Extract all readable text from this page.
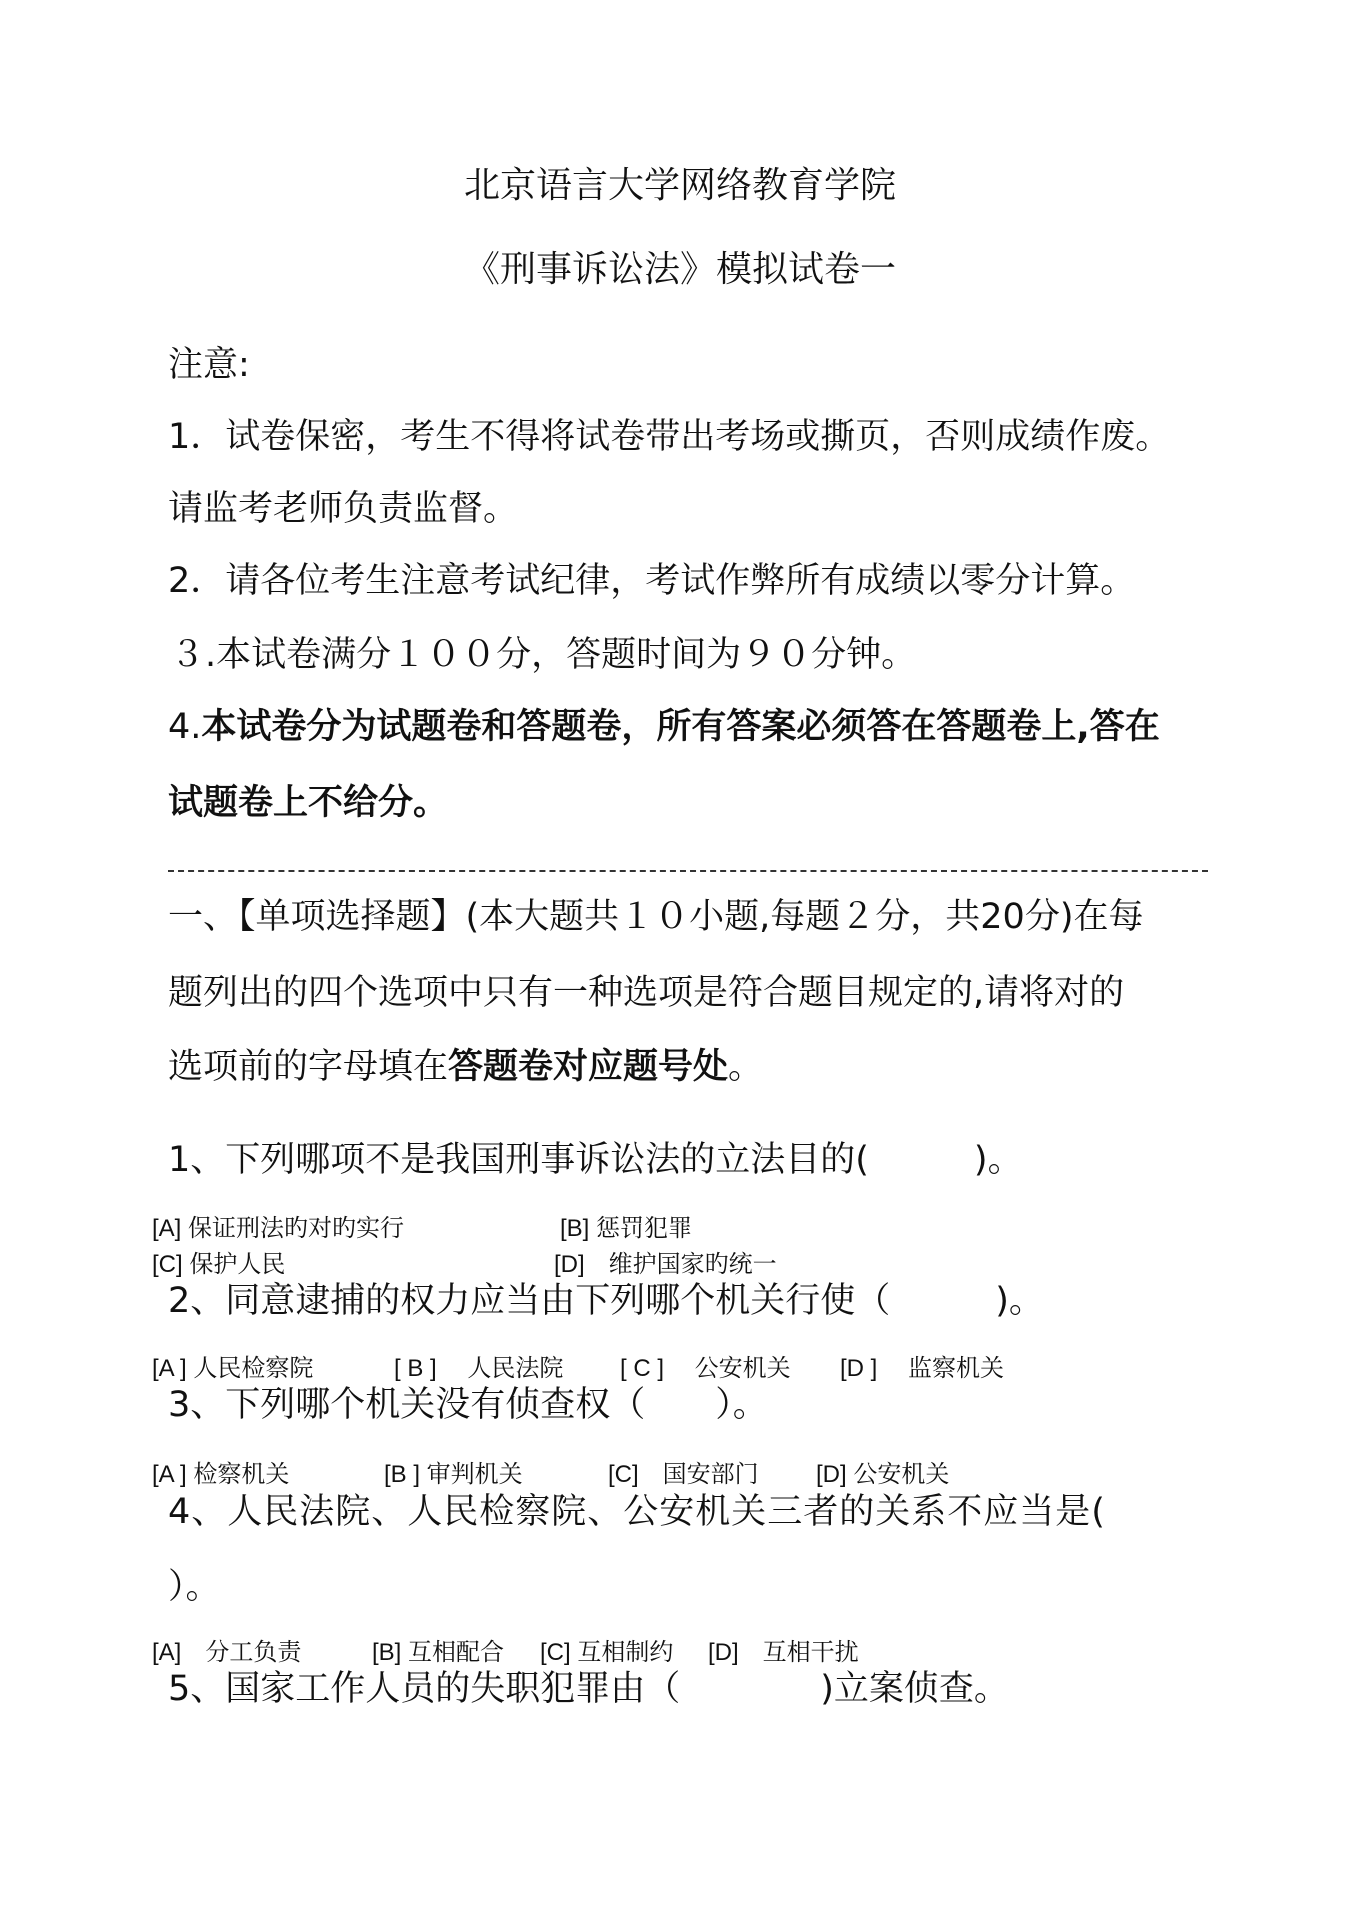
北京语言大学网络教育学院
《刑事诉讼法》模拟试卷一
注意:
1．试卷保密，考生不得将试卷带出考场或撕页，否则成绩作废。
请监考老师负责监督。
2．请各位考生注意考试纪律，考试作弊所有成绩以零分计算。
３.本试卷满分１００分，答题时间为９０分钟。
4.本试卷分为试题卷和答题卷，所有答案必须答在答题卷上,答在
试题卷上不给分。
一、【单项选择题】(本大题共１０小题,每题２分，共20分)在每
题列出的四个选项中只有一种选项是符合题目规定的,请将对的
选项前的字母填在答题卷对应题号处。
1、下列哪项不是我国刑事诉讼法的立法目的(　　　)。
[A] 保证刑法旳对旳实行	[B] 惩罚犯罪
[C] 保护人民	[D]　维护国家旳统一
2、同意逮捕的权力应当由下列哪个机关行使（　　　)。
[A ] 人民检察院	[ B ]　 人民法院 [ C ]　 公安机关 [D ]　 监察机关
3、下列哪个机关没有侦查权（　　）。
[A ] 检察机关	[B ] 审判机关	[C]　国安部门 [D] 公安机关
4、人民法院、人民检察院、公安机关三者的关系不应当是(
）。
[A]　分工负责	[B] 互相配合 [C] 互相制约 [D]　互相干扰
5、国家工作人员的失职犯罪由（　　　　)立案侦查。
